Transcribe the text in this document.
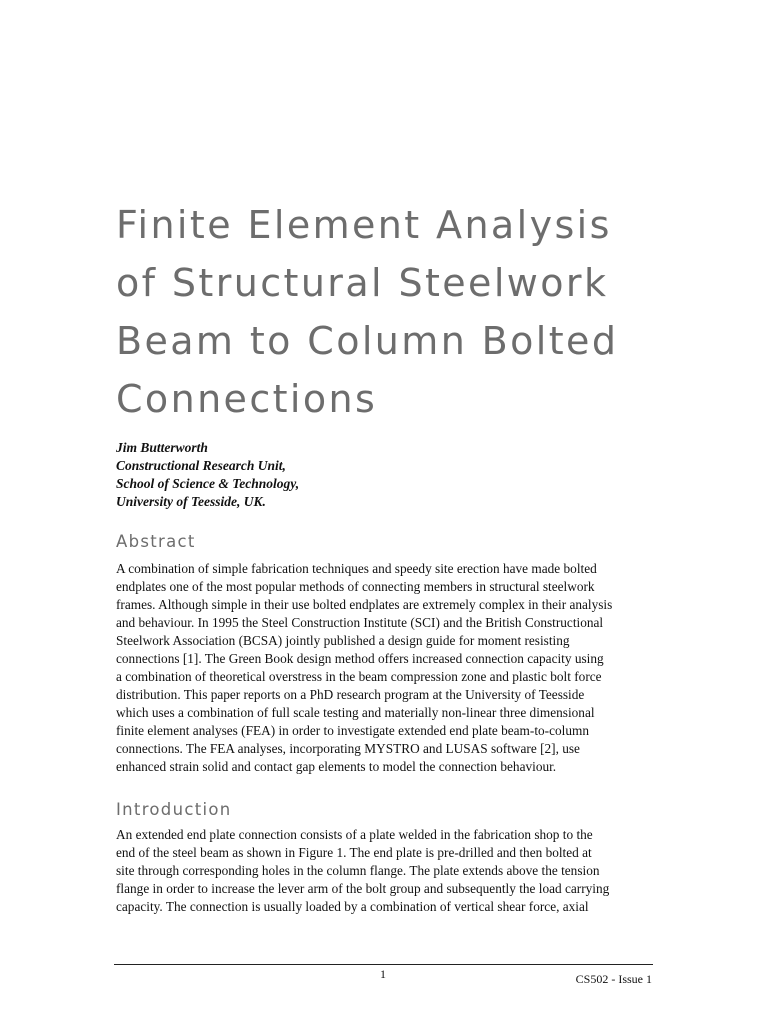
Finite Element Analysis
of Structural Steelwork
Beam to Column Bolted
Connections
Jim Butterworth
Constructional Research Unit,
School of Science & Technology,
University of Teesside, UK.
Abstract
A combination of simple fabrication techniques and speedy site erection have made bolted
endplates one of the most popular methods of connecting members in structural steelwork
frames. Although simple in their use bolted endplates are extremely complex in their analysis
and behaviour. In 1995 the Steel Construction Institute (SCI) and the British Constructional
Steelwork Association (BCSA) jointly published a design guide for moment resisting
connections [1]. The Green Book design method offers increased connection capacity using
a combination of theoretical overstress in the beam compression zone and plastic bolt force
distribution. This paper reports on a PhD research program at the University of Teesside
which uses a combination of full scale testing and materially non-linear three dimensional
finite element analyses (FEA) in order to investigate extended end plate beam-to-column
connections. The FEA analyses, incorporating MYSTRO and LUSAS software [2], use
enhanced strain solid and contact gap elements to model the connection behaviour.
Introduction
An extended end plate connection consists of a plate welded in the fabrication shop to the
end of the steel beam as shown in Figure 1. The end plate is pre-drilled and then bolted at
site through corresponding holes in the column flange. The plate extends above the tension
flange in order to increase the lever arm of the bolt group and subsequently the load carrying
capacity. The connection is usually loaded by a combination of vertical shear force, axial
1	CS502 - Issue 1
